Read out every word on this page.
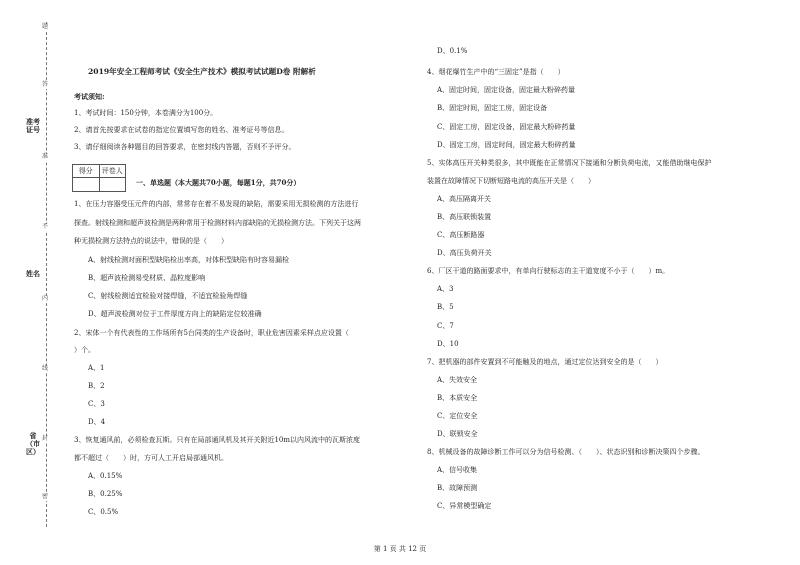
准考证号
姓名
省（市区）
题
答
准
不
内
线
封
密
2019年安全工程师考试《安全生产技术》模拟考试试题D卷 附解析
考试须知:
1、考试时间：150分钟，本卷满分为100分。
2、请首先按要求在试卷的指定位置填写您的姓名、准考证号等信息。
3、请仔细阅读各种题目的回答要求，在密封线内答题，否则不予评分。
得分	评卷人
一、单选题（本大题共70小题，每题1分，共70分）
1、在压力容器受压元件的内部，常常存在着不易发现的缺陷，需要采用无损检测的方法进行
探查。射线检测和超声波检测是两种常用于检测材料内部缺陷的无损检测方法。下列关于这两
种无损检测方法特点的说法中，错误的是（　　）
A、射线检测对面积型缺陷检出率高，对体积型缺陷有时容易漏检
B、超声波检测易受材质、晶粒度影响
C、射线检测适宜检验对接焊缝，不适宜检验角焊缝
D、超声波检测对位于工件厚度方向上的缺陷定位较准确
2、宋体一个有代表性的工作场所有5台同类的生产设备时，职业危害因素采样点应设置（
）个。
A、1
B、2
C、3
D、4
3、恢复通风前，必须检查瓦斯。只有在局部通风机及其开关附近10m以内风流中的瓦斯浓度
都不超过（　　）时，方可人工开启局部通风机。
A、0.15%
B、0.25%
C、0.5%
D、0.1%
4、烟花爆竹生产中的“三固定”是指（　　）
A、固定时间，固定设备，固定最大粉碎药量
B、固定时间，固定工房，固定设备
C、固定工房，固定设备，固定最大粉碎药量
D、固定工房，固定时间，固定最大粉碎药量
5、实体高压开关种类很多，其中既能在正常情况下接通和分断负荷电流，又能借助继电保护
装置在故障情况下切断短路电流的高压开关是（　　）
A、高压隔离开关
B、高压联锁装置
C、高压断路器
D、高压负荷开关
6、厂区干道的路面要求中，有单向行驶标志的主干道宽度不小于（　　）m。
A、3
B、5
C、7
D、10
7、把机器的部件安置到不可能触及的地点，通过定位达到安全的是（　　）
A、失效安全
B、本质安全
C、定位安全
D、联锁安全
8、机械设备的故障诊断工作可以分为信号检测、（　　）、状态识别和诊断决策四个步骤。
A、信号收集
B、故障预测
C、异常模型确定
第 1 页 共 12 页
